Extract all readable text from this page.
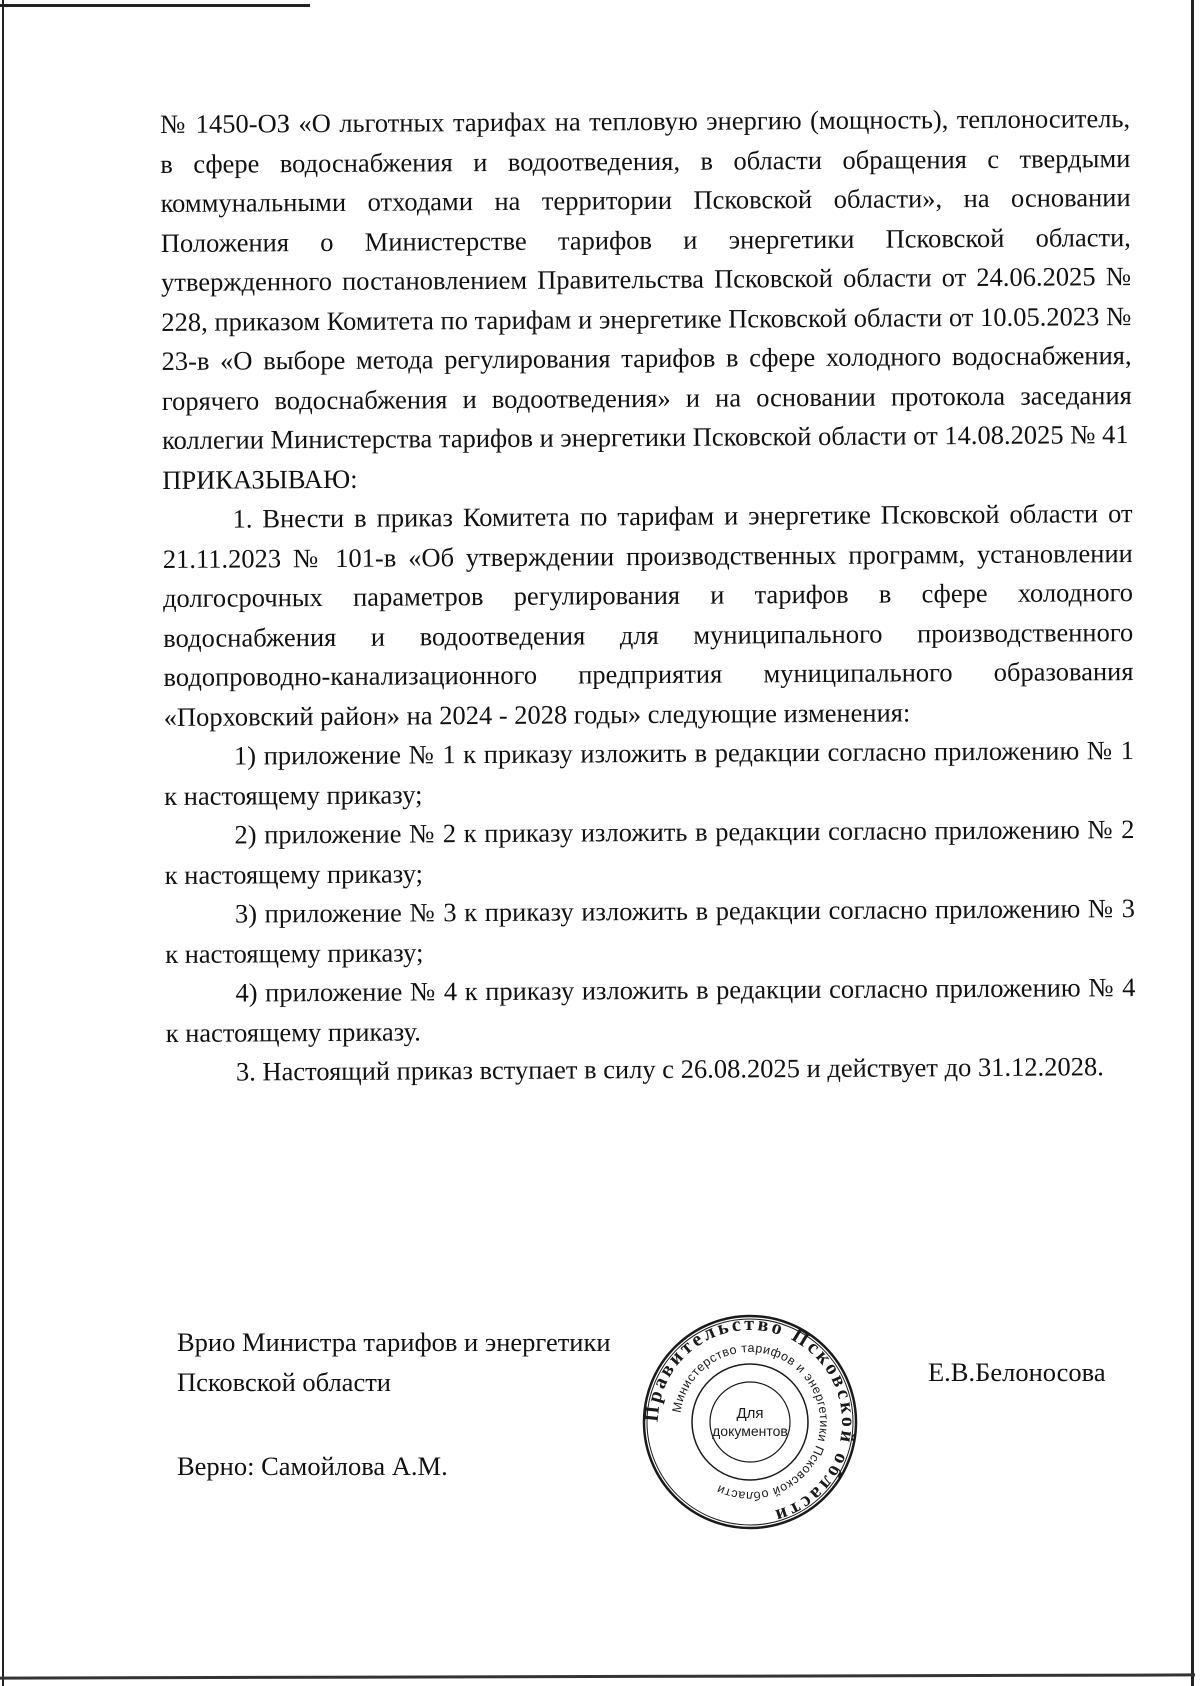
№ 1450-ОЗ «О льготных тарифах на тепловую энергию (мощность), теплоноситель, в сфере водоснабжения и водоотведения, в области обращения с твердыми коммунальными отходами на территории Псковской области», на основании Положения о Министерстве тарифов и энергетики Псковской области, утвержденного постановлением Правительства Псковской области от 24.06.2025 № 228, приказом Комитета по тарифам и энергетике Псковской области от 10.05.2023 № 23-в «О выборе метода регулирования тарифов в сфере холодного водоснабжения, горячего водоснабжения и водоотведения» и на основании протокола заседания коллегии Министерства тарифов и энергетики Псковской области от 14.08.2025 № 41

ПРИКАЗЫВАЮ:

1. Внести в приказ Комитета по тарифам и энергетике Псковской области от 21.11.2023 № 101-в «Об утверждении производственных программ, установлении долгосрочных параметров регулирования и тарифов в сфере холодного водоснабжения и водоотведения для муниципального производственного водопроводно-канализационного предприятия муниципального образования «Порховский район» на 2024 - 2028 годы» следующие изменения:

1) приложение № 1 к приказу изложить в редакции согласно приложению № 1 к настоящему приказу;

2) приложение № 2 к приказу изложить в редакции согласно приложению № 2 к настоящему приказу;

3) приложение № 3 к приказу изложить в редакции согласно приложению № 3 к настоящему приказу;

4) приложение № 4 к приказу изложить в редакции согласно приложению № 4 к настоящему приказу.

3. Настоящий приказ вступает в силу с 26.08.2025 и действует до 31.12.2028.

Врио Министра тарифов и энергетики
Псковской области	Е.В.Белоносова
Верно: Самойлова А.М.
Правительство Псковской области
Министерство тарифов и энергетики Псковской области
Для
документов
